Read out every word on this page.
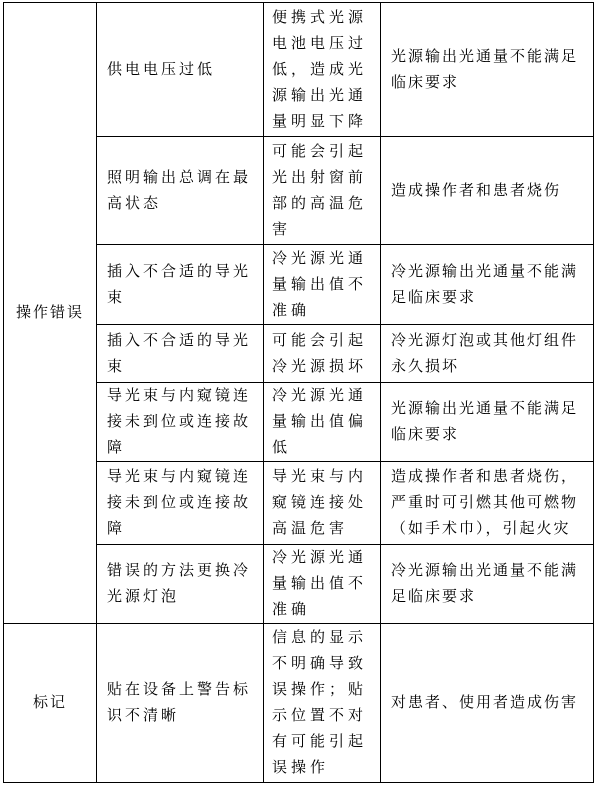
操作错误	供电电压过低	便携式光源电池电压过低，造成光源输出光通量明显下降	光源输出光通量不能满足临床要求
	照明输出总调在最高状态	可能会引起光出射窗前部的高温危害	造成操作者和患者烧伤
	插入不合适的导光束	冷光源光通量输出值不准确	冷光源输出光通量不能满足临床要求
	插入不合适的导光束	可能会引起冷光源损坏	冷光源灯泡或其他灯组件永久损坏
	导光束与内窥镜连接未到位或连接故障	冷光源光通量输出值偏低	光源输出光通量不能满足临床要求
	导光束与内窥镜连接未到位或连接故障	导光束与内窥镜连接处高温危害	造成操作者和患者烧伤，严重时可引燃其他可燃物（如手术巾），引起火灾
	错误的方法更换冷光源灯泡	冷光源光通量输出值不准确	冷光源输出光通量不能满足临床要求
标记	贴在设备上警告标识不清晰	信息的显示不明确导致误操作；贴示位置不对有可能引起误操作	对患者、使用者造成伤害
